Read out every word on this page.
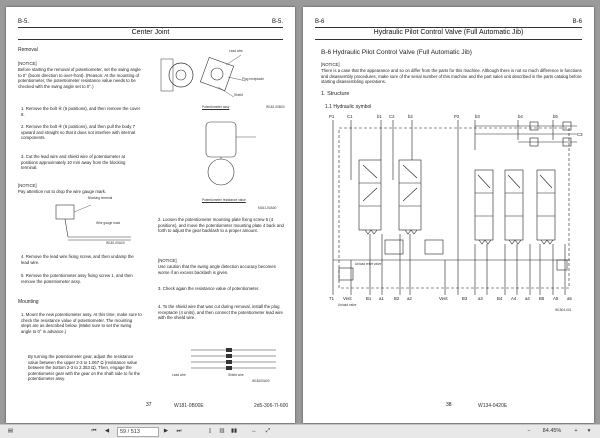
B-5.	B-5.
Center Joint
Removal
[NOTICE]
Before starting the removal of potentiometer, set the swing angle to 0° (boom direction to over-front). (Reason: At the mounting of potentiometer, the potentiometer resistance value needs to be checked with the swing angle set to 0°.)
1. Remove the bolt ⑥ (6 positions), and then remove the cover 8.
2. Remove the bolt ④ (6 positions), and then pull the body 7 upward and straight so that it does not interfere with internal components.
3. Cut the lead wire and shield wire of potentiometer at positions approximately 10 mm away from the blocking terminal.
[NOTICE]
Pay attention not to drop the wire gauge mark.
Blocking terminal
Wire gauge mark
W181-00A00
4. Remove the lead wire fixing screw, and then undamp the lead wire.
5. Remove the potentiometer assy fixing screw 1, and then remove the potentiometer assy.
Mounting
1. Mount the new potentiometer assy. At this time, make sure to check the resistance value of potentiometer. The mounting steps are as described below. (Make sure to set the swing angle to 0° in advance.)
By turning the potentiometer gear, adjust the resistance value between the upper 2-3 to 1.067 Ω (resistance value between the bottom 2-3 to 2.353 Ω). Then, engage the potentiometer gear with the gear on the shaft side to fix the potentiometer assy.
Lead wire
Plug receptacle
Shield
Potentiometer assy	W181-00B00
Potentiometer resistance value
M161-00A00
2. Loosen the potentiometer mounting plate fixing screw 5 (4 positions), and move the potentiometer mounting plate 4 back and forth to adjust the gear backlash to a proper amount.
[NOTICE]
Use caution that the swing angle detection accuracy becomes worse if an excess backlash is given.
3. Check again the resistance value of potentiometer.
4. To the shield wire that was cut during removal, install the plug receptacle (4 units), and then connect the potentiometer lead wire with the shield wire.
Lead wire	Shield wire
W18100A00
37	W181-0B00E	2d5-306-7I-600
B-6	B-6
Hydraulic Pilot Control Valve (Full Automatic Jib)
B-6 Hydraulic Pilot Control Valve (Full Automatic Jib)
[NOTICE]
There is a case that the appearance and so on differ from the parts for this machine. Although there is not so much difference in functions and disassembly procedures, make sure of the serial number of this machine and the part sales unit described in the parts catalog before starting disassembling operations.
1. Structure
1.1 Hydraulic symbol
P1	C1	b1 C2	b2	P2	b3	b4	b5
C3
Unload relief valve
Unload valve
T1 Vent	B1 a1 B2 a2	Vent	B3 a3	B4 A4 a4 B5 A5 a5
W1504-001
38	W134-0420E
▤	⏮	◀	59 / 513	▶	⏭	▯	▥ ▮▮	↔	⤢	−	84.45%	+	▾
